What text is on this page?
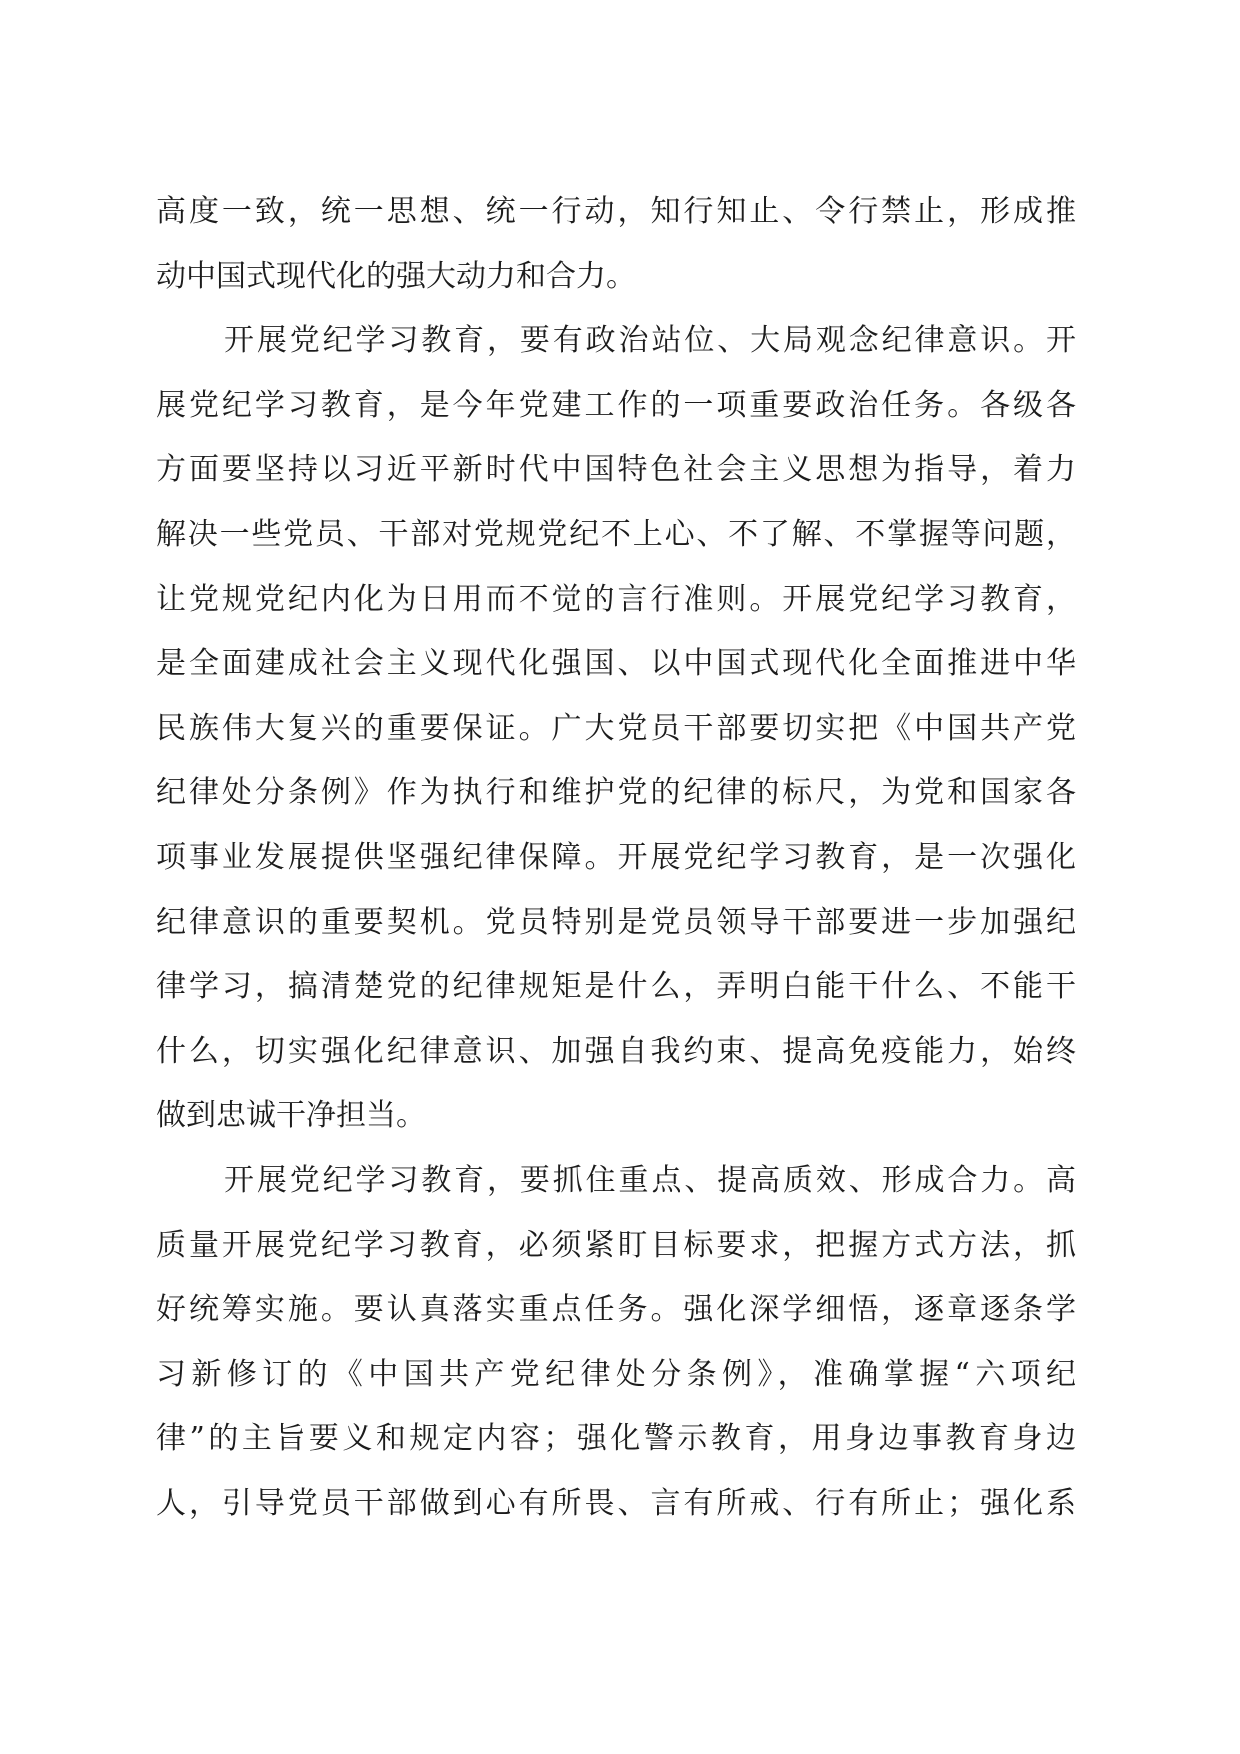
高度一致，统一思想、统一行动，知行知止、令行禁止，形成推
动中国式现代化的强大动力和合力。
开展党纪学习教育，要有政治站位、大局观念纪律意识。开
展党纪学习教育，是今年党建工作的一项重要政治任务。各级各
方面要坚持以习近平新时代中国特色社会主义思想为指导，着力
解决一些党员、干部对党规党纪不上心、不了解、不掌握等问题，
让党规党纪内化为日用而不觉的言行准则。开展党纪学习教育，
是全面建成社会主义现代化强国、以中国式现代化全面推进中华
民族伟大复兴的重要保证。广大党员干部要切实把《中国共产党
纪律处分条例》作为执行和维护党的纪律的标尺，为党和国家各
项事业发展提供坚强纪律保障。开展党纪学习教育，是一次强化
纪律意识的重要契机。党员特别是党员领导干部要进一步加强纪
律学习，搞清楚党的纪律规矩是什么，弄明白能干什么、不能干
什么，切实强化纪律意识、加强自我约束、提高免疫能力，始终
做到忠诚干净担当。
开展党纪学习教育，要抓住重点、提高质效、形成合力。高
质量开展党纪学习教育，必须紧盯目标要求，把握方式方法，抓
好统筹实施。要认真落实重点任务。强化深学细悟，逐章逐条学
习新修订的《中国共产党纪律处分条例》，准确掌握“六项纪
律”的主旨要义和规定内容；强化警示教育，用身边事教育身边
人，引导党员干部做到心有所畏、言有所戒、行有所止；强化系
